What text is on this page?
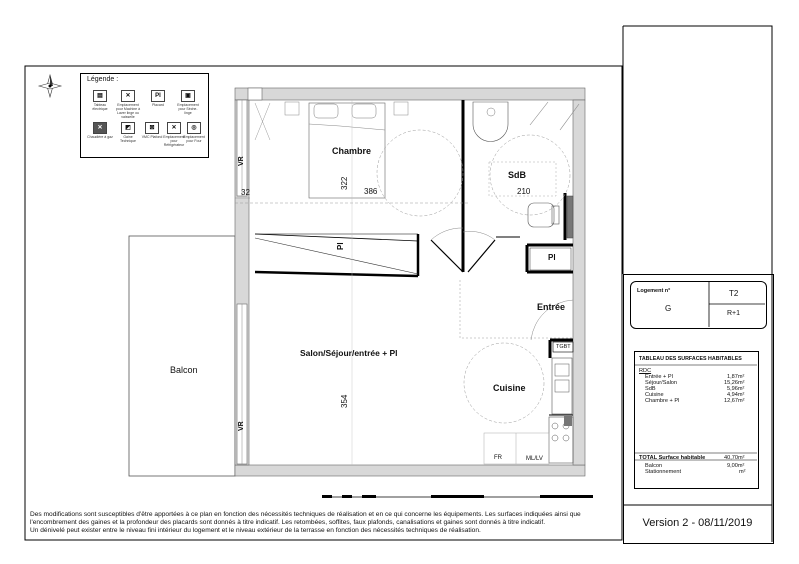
Légende :
▤
Tableau électrique
✕
Emplacement pour Machine à Laver linge ou vaisselle
PI
Placard
▣
Emplacement pour Sèche-linge
✕
Chaudière à gaz
◩
Gaine Technique
⊠
VMC Plafond
✕
Emplacement pour Réfrigérateur
◎
Emplacement pour Four
Chambre
SdB
Salon/Séjour/entrée + Pl
Entrée
Cuisine
Balcon
Pl
Pl
32
322
386	210
354
VR
VR
TGBT
FR	ML/LV
Des modifications sont susceptibles d'être apportées à ce plan en fonction des nécessités techniques de réalisation et en ce qui concerne les équipements. Les surfaces indiquées ainsi que
l'encombrement des gaines et la profondeur des placards sont donnés à titre indicatif. Les retombées, soffites, faux plafonds, canalisations et gaines sont donnés à titre indicatif.
Un dénivelé peut exister entre le niveau fini intérieur du logement et le niveau extérieur de la terrasse en fonction des nécessités techniques de réalisation.
Logement n°
G
T2
R+1
TABLEAU DES SURFACES HABITABLES
RDC
Entrée + Pl	1,87m²
Séjour/Salon	15,26m²
SdB	5,96m²
Cuisine	4,94m²
Chambre + Pl	12,67m²
TOTAL Surface habitable	40,70m²
Balcon	9,00m²
Stationnement	m²
Version 2 - 08/11/2019
